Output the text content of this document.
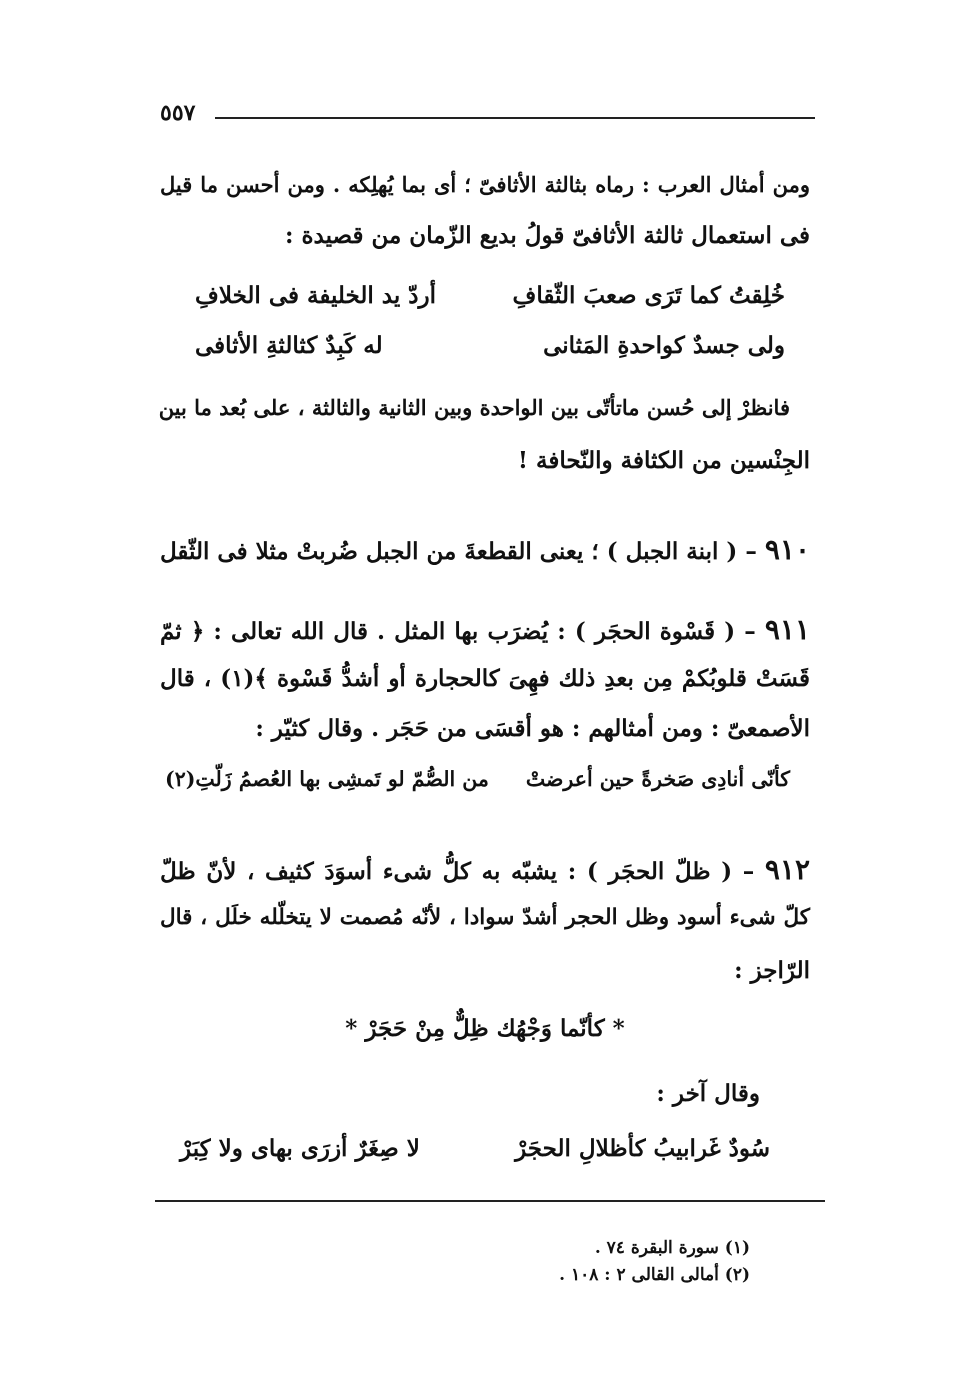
٥٥٧
ومن أمثال العرب : رماه بثالثة الأثافىّ ؛ أى بما يُهلِكه . ومن أحسن ما قيل
فى استعمال ثالثة الأثافىّ قولُ بديع الزّمان من قصيدة :
خُلِقتُ كما تَرَى صعبَ الثّقافِ
أردّ يد الخليفة فى الخلافِ
ولى جسدٌ كواحدةِ المَثانى
له كَبِدٌ كثالثةِ الأثافى
فانظرْ إلى حُسن ماتأتّى بين الواحدة وبين الثانية والثالثة ، على بُعد ما بين
الجِنْسين من الكثافة والنّحافة !
٩١٠ – ( ابنة الجبل ) ؛ يعنى القطعةَ من الجبل ضُربتْ مثلا فى الثّقل
٩١١ – ( قَسْوة الحجَر ) : يُضرَب بها المثل . قال الله تعالى : ﴿ ثمّ
قَسَتْ قلوبُكمْ مِن بعدِ ذلك فهِىَ كالحجارة أو أشدُّ قَسْوة ﴾(١) ، قال
الأصمعىّ : ومن أمثالهم : هو أقسَى من حَجَر . وقال كثيّر :
كأنّى أنادِى صَخرةً حين أعرضتْ
من الصُّمّ لو تَمشِى بها العُصمُ زَلّتِ(٢)
٩١٢ – ( ظلّ الحجَر ) : يشبّه به كلُّ شىء أسوَدَ كثيف ، لأنّ ظلّ
كلّ شىء أسود وظل الحجر أشدّ سوادا ، لأنّه مُصمت لا يتخلّله خلَل ، قال
الرّاجز :
* كأنّما وَجْهُك ظِلٌّ مِنْ حَجَرْ *
وقال آخر :
سُودٌ غَرابيبُ كأظلالِ الحجَرْ
لا صِغَرٌ أزرَى بهاى ولا كِبَرْ
(١) سورة البقرة ٧٤ .
(٢) أمالى القالى ٢ : ١٠٨ .
